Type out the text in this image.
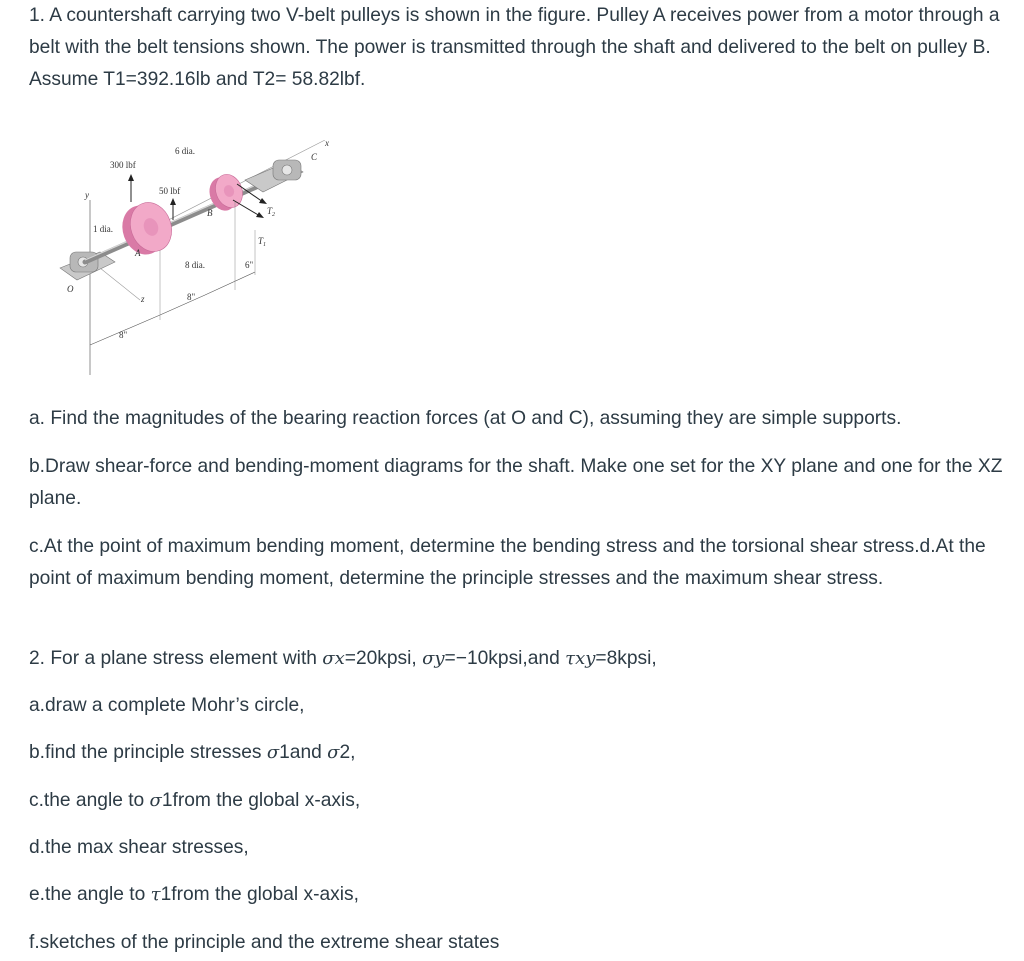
1. A countershaft carrying two V-belt pulleys is shown in the figure. Pulley A receives power from a motor through a belt with the belt tensions shown. The power is transmitted through the shaft and delivered to the belt on pulley B. Assume T1=392.16lb and T2= 58.82lbf.

300 lbf
50 lbf
6 dia.
1 dia.
8 dia.
O
A
B
C
x
y
z
$T_2$
$T_1$
8"
8"
6"

a. Find the magnitudes of the bearing reaction forces (at O and C), assuming they are simple supports.

b.Draw shear-force and bending-moment diagrams for the shaft. Make one set for the XY plane and one for the XZ plane.

c.At the point of maximum bending moment, determine the bending stress and the torsional shear stress.d.At the point of maximum bending moment, determine the principle stresses and the maximum shear stress.

2. For a plane stress element with σx=20kpsi, σy=−10kpsi,and τxy=8kpsi,

a.draw a complete Mohr’s circle,

b.find the principle stresses σ1and σ2,

c.the angle to σ1from the global x-axis,

d.the max shear stresses,

e.the angle to τ1from the global x-axis,

f.sketches of the principle and the extreme shear states
